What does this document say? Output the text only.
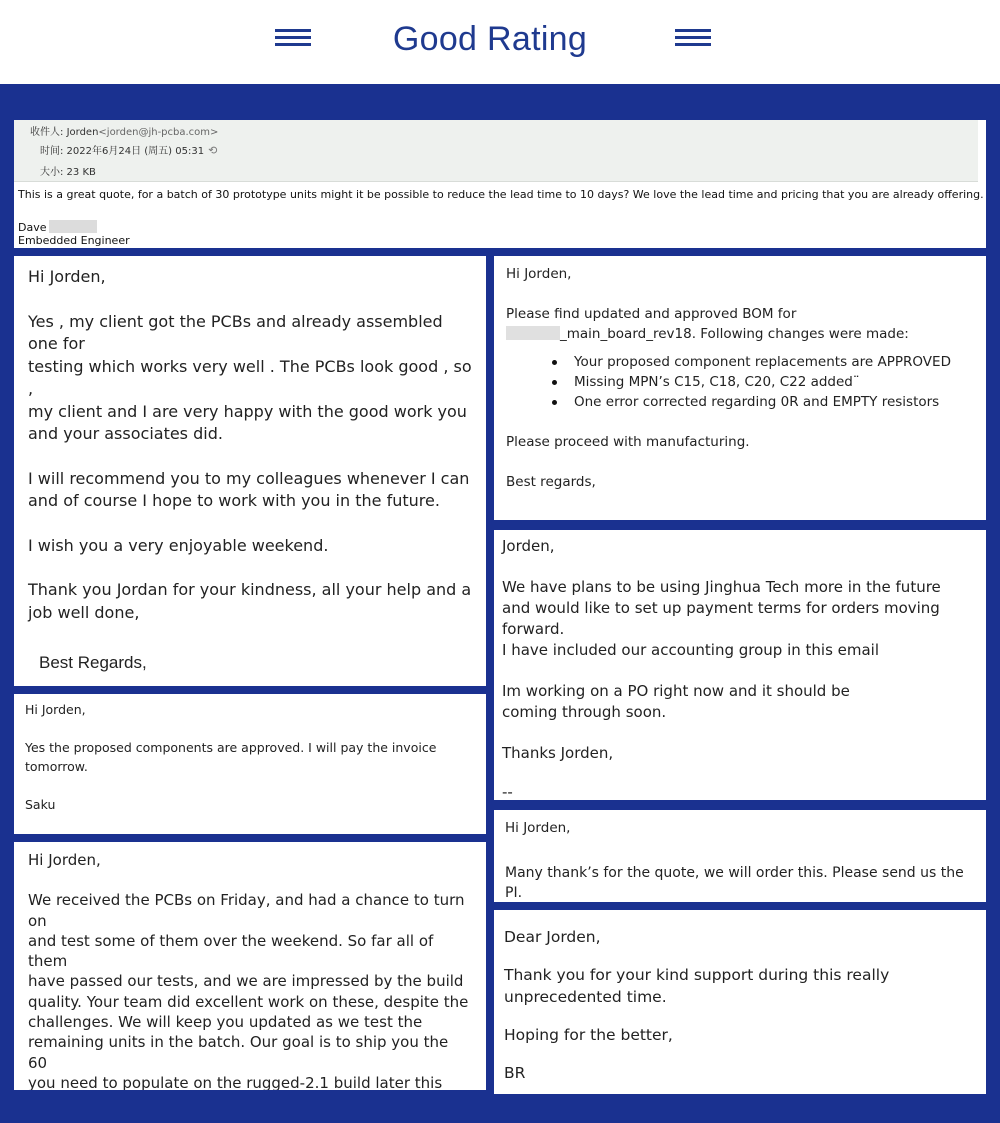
Good Rating
收件人: Jorden<jorden@jh-pcba.com>
时间: 2022年6月24日 (周五) 05:31 ⟲
大小: 23 KB
This is a great quote, for a batch of 30 prototype units might it be possible to reduce the lead time to 10 days? We love the lead time and pricing that you are already offering.
Dave
Embedded Engineer

Hi Jorden,

Yes , my client got the PCBs and already assembled one for
testing which works very well . The PCBs look good , so ,
my client and I are very happy with the good work you
and your associates did.

I will recommend you to my colleagues whenever I can
and of course I hope to work with you in the future.

I wish you a very enjoyable weekend.

Thank you Jordan for your kindness, all your help and a
job well done,

Best Regards,

Hi Jorden,

Yes the proposed components are approved. I will pay the invoice
tomorrow.

Saku

Hi Jorden,

We received the PCBs on Friday, and had a chance to turn on
and test some of them over the weekend. So far all of them
have passed our tests, and we are impressed by the build
quality. Your team did excellent work on these, despite the
challenges. We will keep you updated as we test the
remaining units in the batch. Our goal is to ship you the 60
you need to populate on the rugged-2.1 build later this

Hi Jorden,

Please find updated and approved BOM for

_main_board_rev18. Following changes were made:

Your proposed component replacements are APPROVED
Missing MPN’s C15, C18, C20, C22 added¨
One error corrected regarding 0R and EMPTY resistors

Please proceed with manufacturing.

Best regards,

Jorden,

We have plans to be using Jinghua Tech more in the future
and would like to set up payment terms for orders moving
forward.
I have included our accounting group in this email

Im working on a PO right now and it should be
coming through soon.

Thanks Jorden,

--

Hi Jorden,

Many thank’s for the quote, we will order this. Please send us the PI.

Dear Jorden,

Thank you for your kind support during this really
unprecedented time.

Hoping for the better,

BR
